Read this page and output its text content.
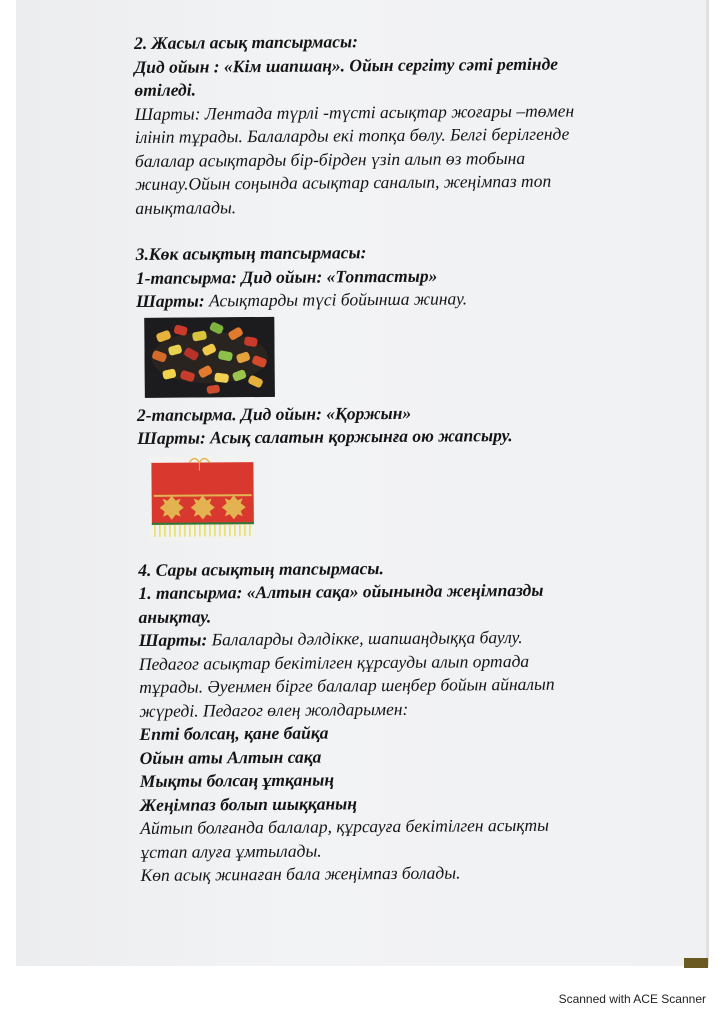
2. Жасыл асық тапсырмасы:

Дид ойын : «Кім шапшаң». Ойын сергіту сәті ретінде

өтіледі.

Шарты: Лентада түрлі -түсті асықтар жоғары –төмен

ілініп тұрады. Балаларды екі топқа бөлу. Белгі берілгенде

балалар асықтарды бір-бірден үзіп алып өз тобына

жинау.Ойын соңында асықтар саналып, жеңімпаз топ

анықталады.

3.Көк асықтың тапсырмасы:

1-тапсырма: Дид ойын: «Топтастыр»

Шарты: Асықтарды түсі бойынша жинау.

2-тапсырма. Дид ойын: «Қоржын»

Шарты: Асық салатын қоржынға ою жапсыру.

4. Сары асықтың тапсырмасы.

1. тапсырма: «Алтын сақа» ойынында жеңімпазды

анықтау.

Шарты: Балаларды дәлдікке, шапшаңдыққа баулу.

Педагог асықтар бекітілген құрсауды алып ортада

тұрады. Әуенмен бірге балалар шеңбер бойын айналып

жүреді. Педагог өлең жолдарымен:

Епті болсаң, қане байқа

Ойын аты Алтын сақа

Мықты болсаң ұтқаның

Жеңімпаз болып шыққаның

Айтып болғанда балалар, құрсауға бекітілген асықты

ұстап алуға ұмтылады.

Көп асық жинаған бала жеңімпаз болады.

Scanned with ACE Scanner
